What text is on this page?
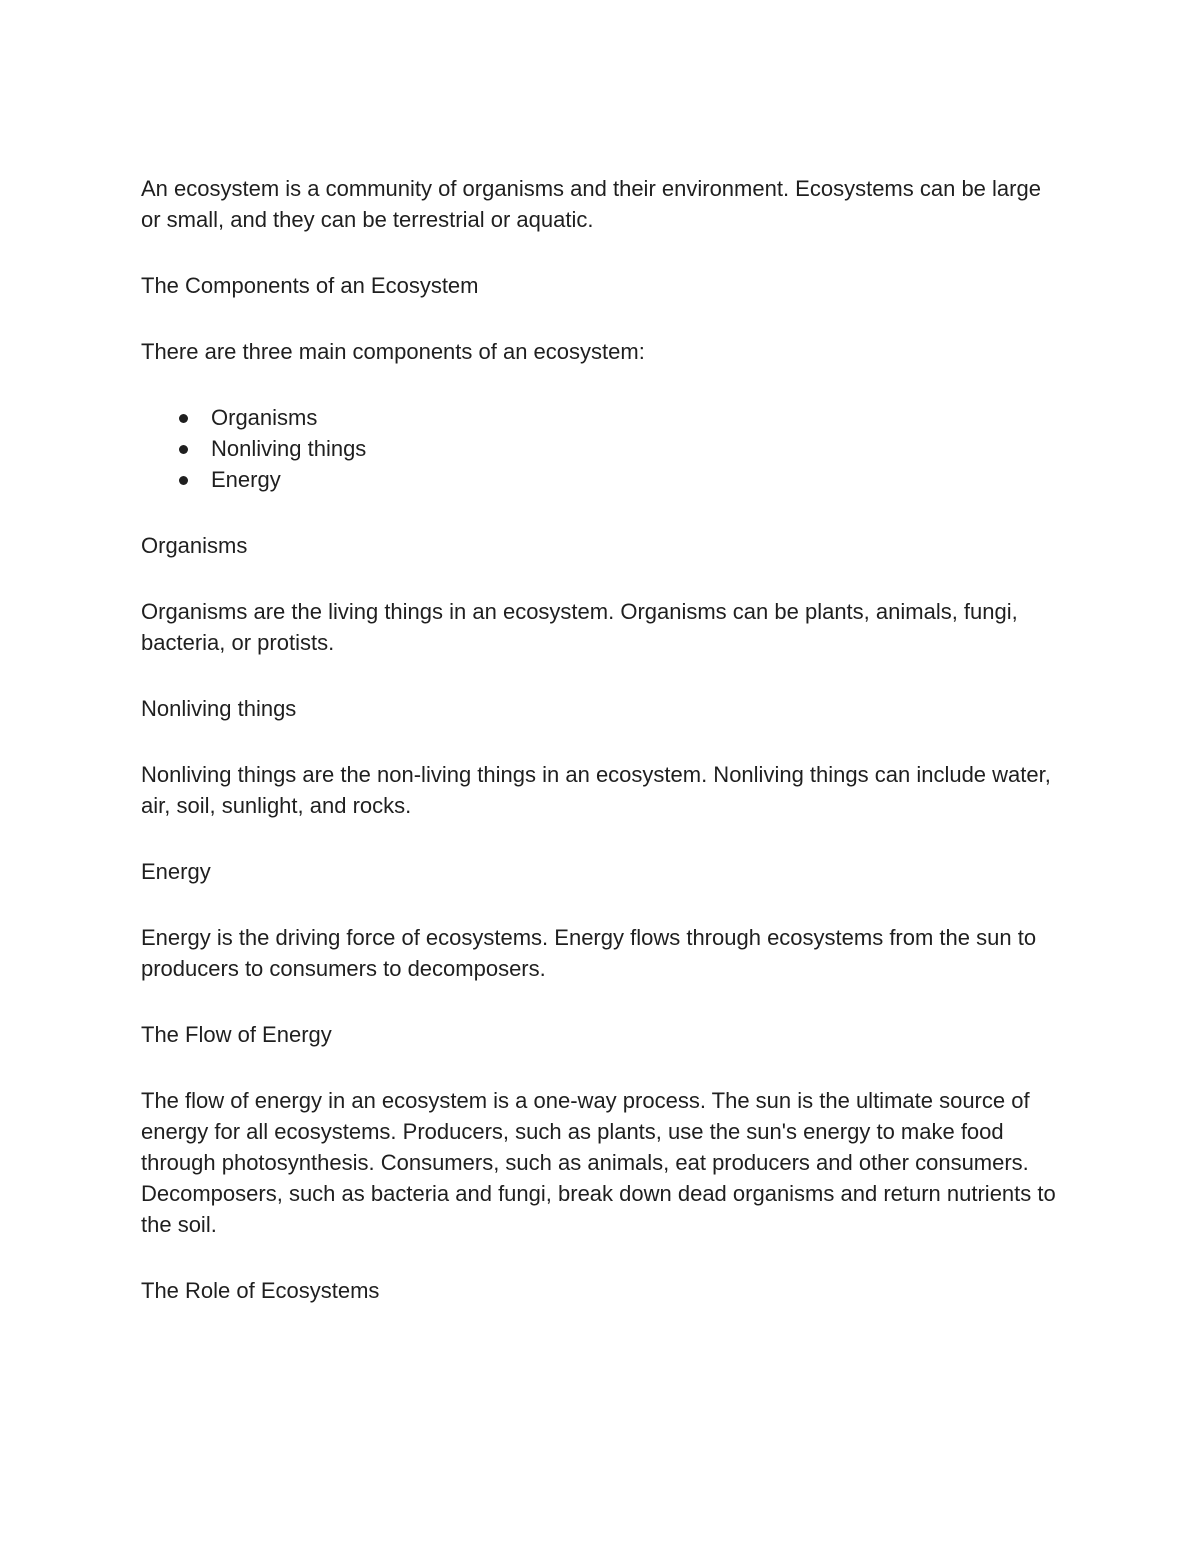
An ecosystem is a community of organisms and their environment. Ecosystems can be large or small, and they can be terrestrial or aquatic.

The Components of an Ecosystem

There are three main components of an ecosystem:

Organisms
Nonliving things
Energy

Organisms

Organisms are the living things in an ecosystem. Organisms can be plants, animals, fungi, bacteria, or protists.

Nonliving things

Nonliving things are the non-living things in an ecosystem. Nonliving things can include water, air, soil, sunlight, and rocks.

Energy

Energy is the driving force of ecosystems. Energy flows through ecosystems from the sun to producers to consumers to decomposers.

The Flow of Energy

The flow of energy in an ecosystem is a one-way process. The sun is the ultimate source of energy for all ecosystems. Producers, such as plants, use the sun's energy to make food through photosynthesis. Consumers, such as animals, eat producers and other consumers. Decomposers, such as bacteria and fungi, break down dead organisms and return nutrients to the soil.

The Role of Ecosystems
